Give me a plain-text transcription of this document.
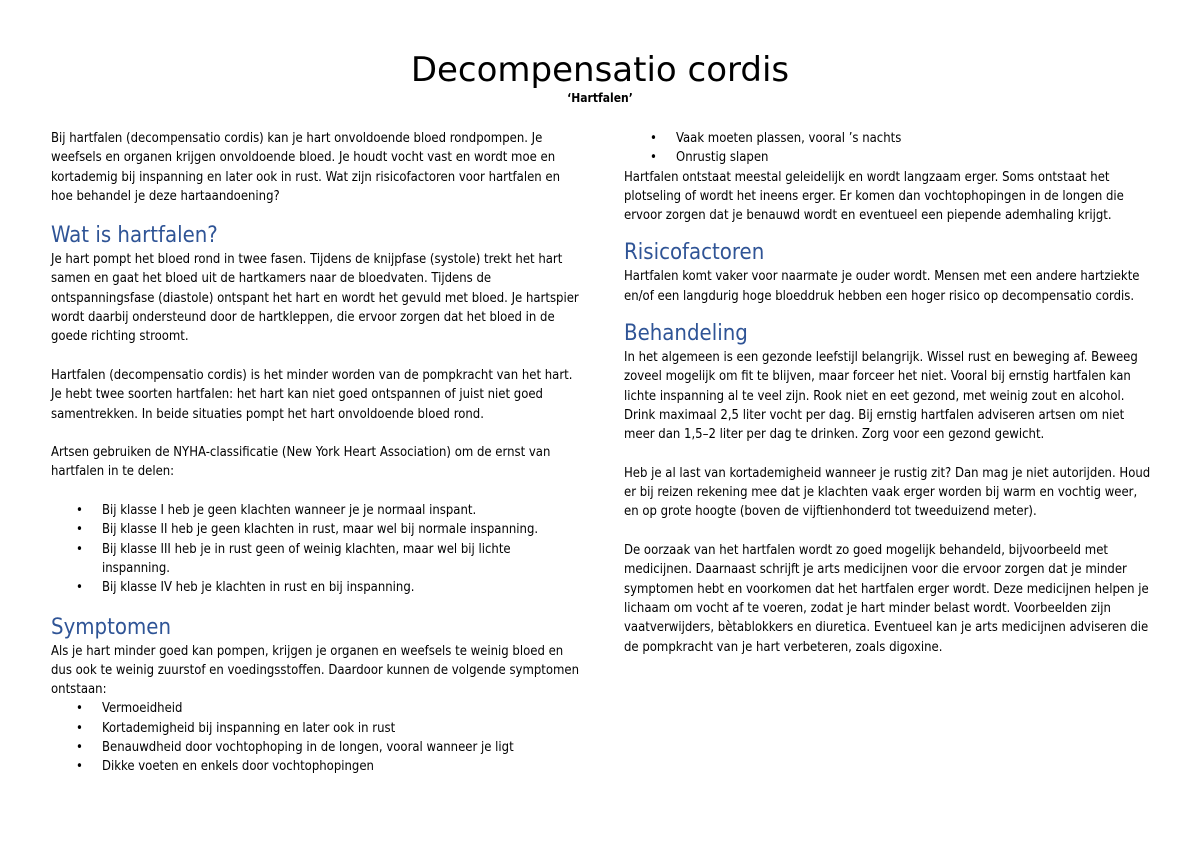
Decompensatio cordis
‘Hartfalen’

Bij hartfalen (decompensatio cordis) kan je hart onvoldoende bloed rondpompen. Je weefsels en organen krijgen onvoldoende bloed. Je houdt vocht vast en wordt moe en kortademig bij inspanning en later ook in rust. Wat zijn risicofactoren voor hartfalen en hoe behandel je deze hartaandoening?

Wat is hartfalen?

Je hart pompt het bloed rond in twee fasen. Tijdens de knijpfase (systole) trekt het hart samen en gaat het bloed uit de hartkamers naar de bloedvaten. Tijdens de ontspanningsfase (diastole) ontspant het hart en wordt het gevuld met bloed. Je hartspier wordt daarbij ondersteund door de hartkleppen, die ervoor zorgen dat het bloed in de goede richting stroomt.

Hartfalen (decompensatio cordis) is het minder worden van de pompkracht van het hart. Je hebt twee soorten hartfalen: het hart kan niet goed ontspannen of juist niet goed samentrekken. In beide situaties pompt het hart onvoldoende bloed rond.

Artsen gebruiken de NYHA-classificatie (New York Heart Association) om de ernst van hartfalen in te delen:

• Bij klasse I heb je geen klachten wanneer je je normaal inspant.
• Bij klasse II heb je geen klachten in rust, maar wel bij normale inspanning.
• Bij klasse III heb je in rust geen of weinig klachten, maar wel bij lichte inspanning.
• Bij klasse IV heb je klachten in rust en bij inspanning.
Symptomen

Als je hart minder goed kan pompen, krijgen je organen en weefsels te weinig bloed en dus ook te weinig zuurstof en voedingsstoffen. Daardoor kunnen de volgende symptomen ontstaan:

• Vermoeidheid
• Kortademigheid bij inspanning en later ook in rust
• Benauwdheid door vochtophoping in de longen, vooral wanneer je ligt
• Dikke voeten en enkels door vochtophopingen
• Vaak moeten plassen, vooral ’s nachts
• Onrustig slapen

Hartfalen ontstaat meestal geleidelijk en wordt langzaam erger. Soms ontstaat het plotseling of wordt het ineens erger. Er komen dan vochtophopingen in de longen die ervoor zorgen dat je benauwd wordt en eventueel een piepende ademhaling krijgt.

Risicofactoren

Hartfalen komt vaker voor naarmate je ouder wordt. Mensen met een andere hartziekte en/of een langdurig hoge bloeddruk hebben een hoger risico op decompensatio cordis.

Behandeling

In het algemeen is een gezonde leefstijl belangrijk. Wissel rust en beweging af. Beweeg zoveel mogelijk om fit te blijven, maar forceer het niet. Vooral bij ernstig hartfalen kan lichte inspanning al te veel zijn. Rook niet en eet gezond, met weinig zout en alcohol. Drink maximaal 2,5 liter vocht per dag. Bij ernstig hartfalen adviseren artsen om niet meer dan 1,5–2 liter per dag te drinken. Zorg voor een gezond gewicht.

Heb je al last van kortademigheid wanneer je rustig zit? Dan mag je niet autorijden. Houd er bij reizen rekening mee dat je klachten vaak erger worden bij warm en vochtig weer, en op grote hoogte (boven de vijftienhonderd tot tweeduizend meter).

De oorzaak van het hartfalen wordt zo goed mogelijk behandeld, bijvoorbeeld met medicijnen. Daarnaast schrijft je arts medicijnen voor die ervoor zorgen dat je minder symptomen hebt en voorkomen dat het hartfalen erger wordt. Deze medicijnen helpen je lichaam om vocht af te voeren, zodat je hart minder belast wordt. Voorbeelden zijn vaatverwijders, bètablokkers en diuretica. Eventueel kan je arts medicijnen adviseren die de pompkracht van je hart verbeteren, zoals digoxine.
